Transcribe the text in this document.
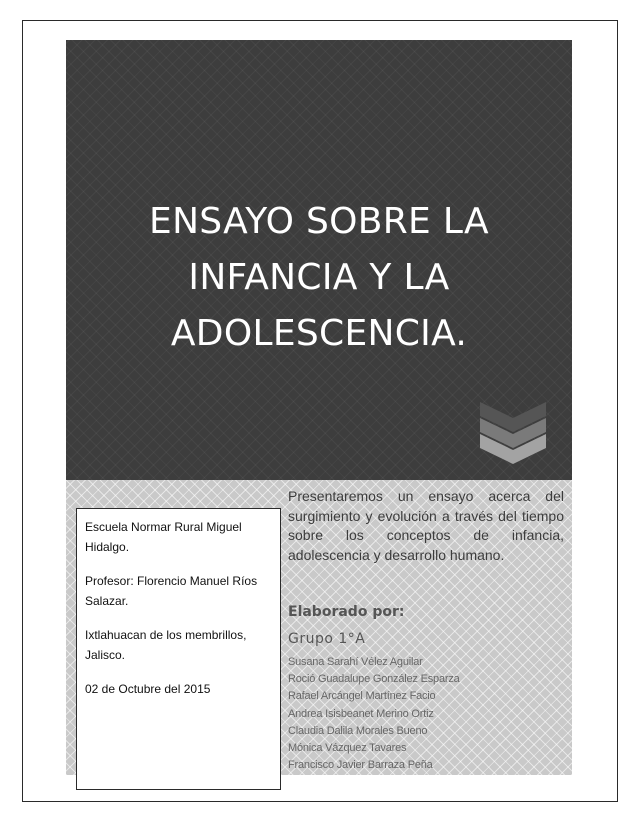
ENSAYO SOBRE LA
INFANCIA Y LA
ADOLESCENCIA.

Escuela Normar Rural Miguel Hidalgo.

Profesor: Florencio Manuel Ríos Salazar.

Ixtlahuacan de los membrillos, Jalisco.

02 de Octubre del 2015

Presentaremos un ensayo acerca del surgimiento y evolución a través del tiempo sobre los conceptos de infancia, adolescencia y desarrollo humano.

Elaborado por:

Grupo 1°A

Susana Sarahí Vélez Aguilar
Roció Guadalupe González Esparza
Rafael Arcángel Martínez Facio
Andrea Isisbeanet Merino Ortiz
Claudia Dalila Morales Bueno
Mónica Vázquez Tavares
Francisco Javier Barraza Peña
